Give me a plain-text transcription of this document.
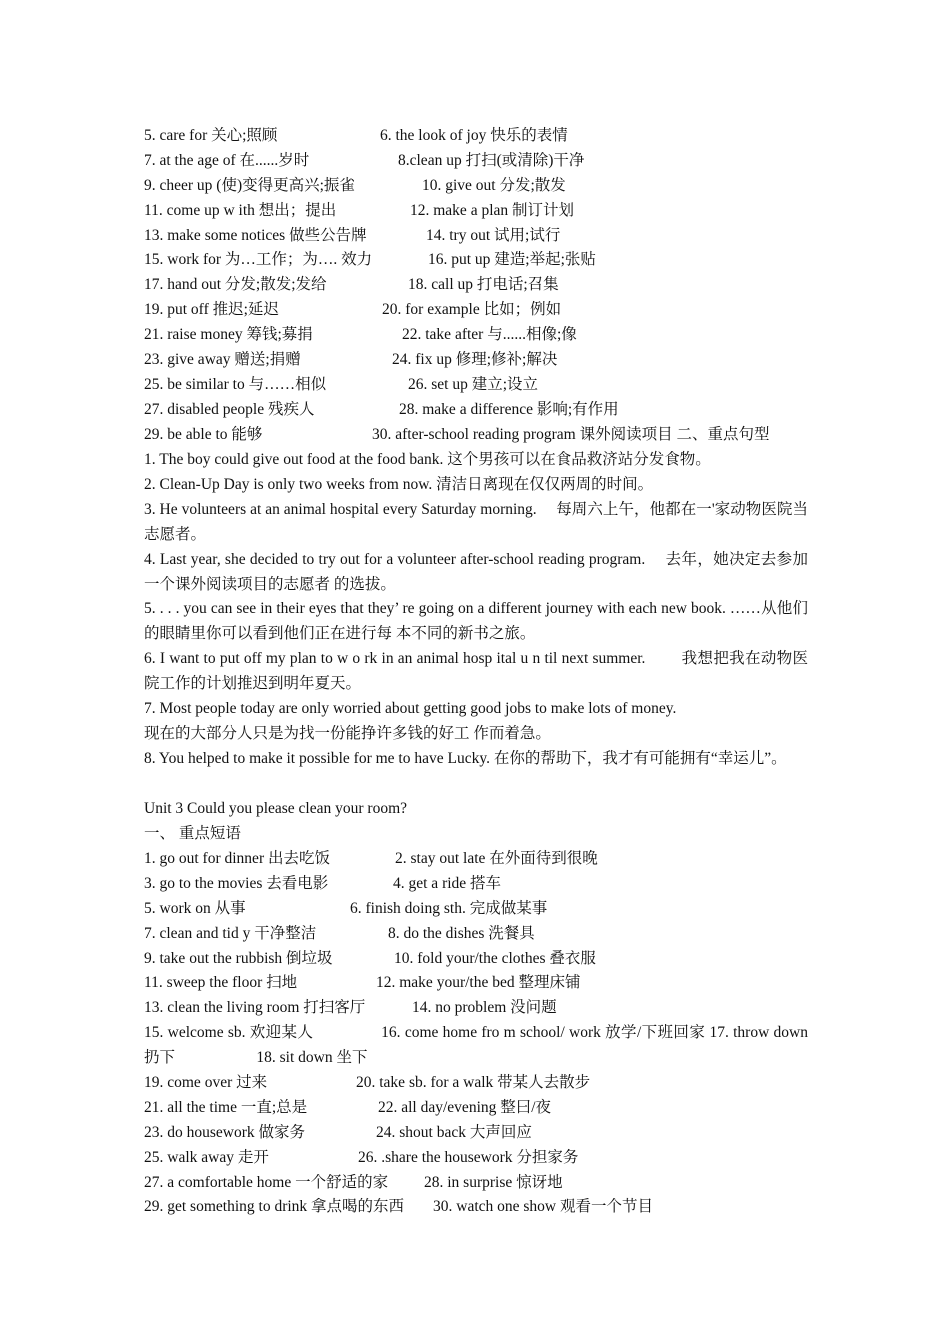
5. care for 关心;照顾	6. the look of joy 快乐的表情
7. at the age of 在......岁时	8.clean up 打扫(或清除)干净
9. cheer up (使)变得更高兴;振雀	10. give out 分发;散发
11. come up w ith 想出；提出	12. make a plan 制订计划
13. make some notices 做些公告牌	14. try out 试用;试行
15. work for 为…工作；为…. 效力	16. put up 建造;举起;张贴
17. hand out 分发;散发;发给	18. call up 打电话;召集
19. put off 推迟;延迟	20. for example 比如；例如
21. raise money 筹钱;募捐	22. take after 与......相像;像
23. give away 赠送;捐赠	24. fix up 修理;修补;解决
25. be similar to 与……相似	26. set up 建立;设立
27. disabled people 残疾人	28. make a difference 影响;有作用
29. be able to 能够	30. after-school reading program 课外阅读项目 二、重点句型
1. The boy could give out food at the food bank. 这个男孩可以在食品救济站分发食物。
2. Clean-Up Day is only two weeks from now. 清洁日离现在仅仅两周的时间。
3. He volunteers at an animal hospital every Saturday morning.　 每周六上午，他都在一'家动物医院当志愿者。
4. Last year, she decided to try out for a volunteer after-school reading program.　 去年，她决定去参加一个课外阅读项目的志愿者 的选拔。
5. . . . you can see in their eyes that they’ re going on a different journey with each new book. ……从他们的眼睛里你可以看到他们正在进行每 本不同的新书之旅。
6. I want to put off my plan to w o rk in an animal hosp ital u n til next summer.　　 我想把我在动物医院工作的计划推迟到明年夏天。
7. Most people today are only worried about getting good jobs to make lots of money.
现在的大部分人只是为找一份能挣许多钱的好工 作而着急。
8. You helped to make it possible for me to have Lucky. 在你的帮助下，我才有可能拥有“幸运儿”。
Unit 3 Could you please clean your room?
一、 重点短语
1. go out for dinner 出去吃饭	2. stay out late 在外面待到很晚
3. go to the movies 去看电影	4. get a ride 搭车
5. work on 从事	6. finish doing sth. 完成做某事
7. clean and tid y 干净整洁	8. do the dishes 洗餐具
9. take out the rubbish 倒垃圾	10. fold your/the clothes 叠衣服
11. sweep the floor 扫地	12. make your/the bed 整理床铺
13. clean the living room 打扫客厅	14. no problem 没问题
15. welcome sb. 欢迎某人　　　　 16. come home fro m school/ work 放学/下班回家 17. throw down 扔下　　　　　 18. sit down 坐下
19. come over 过来	20. take sb. for a walk 带某人去散步
21. all the time 一直;总是	22. all day/evening 整曰/夜
23. do housework 做家务	24. shout back 大声回应
25. walk away 走开	26. .share the housework 分担家务
27. a comfortable home 一个舒适的家 28. in surprise 惊讶地
29. get something to drink 拿点喝的东西 30. watch one show 观看一个节目
